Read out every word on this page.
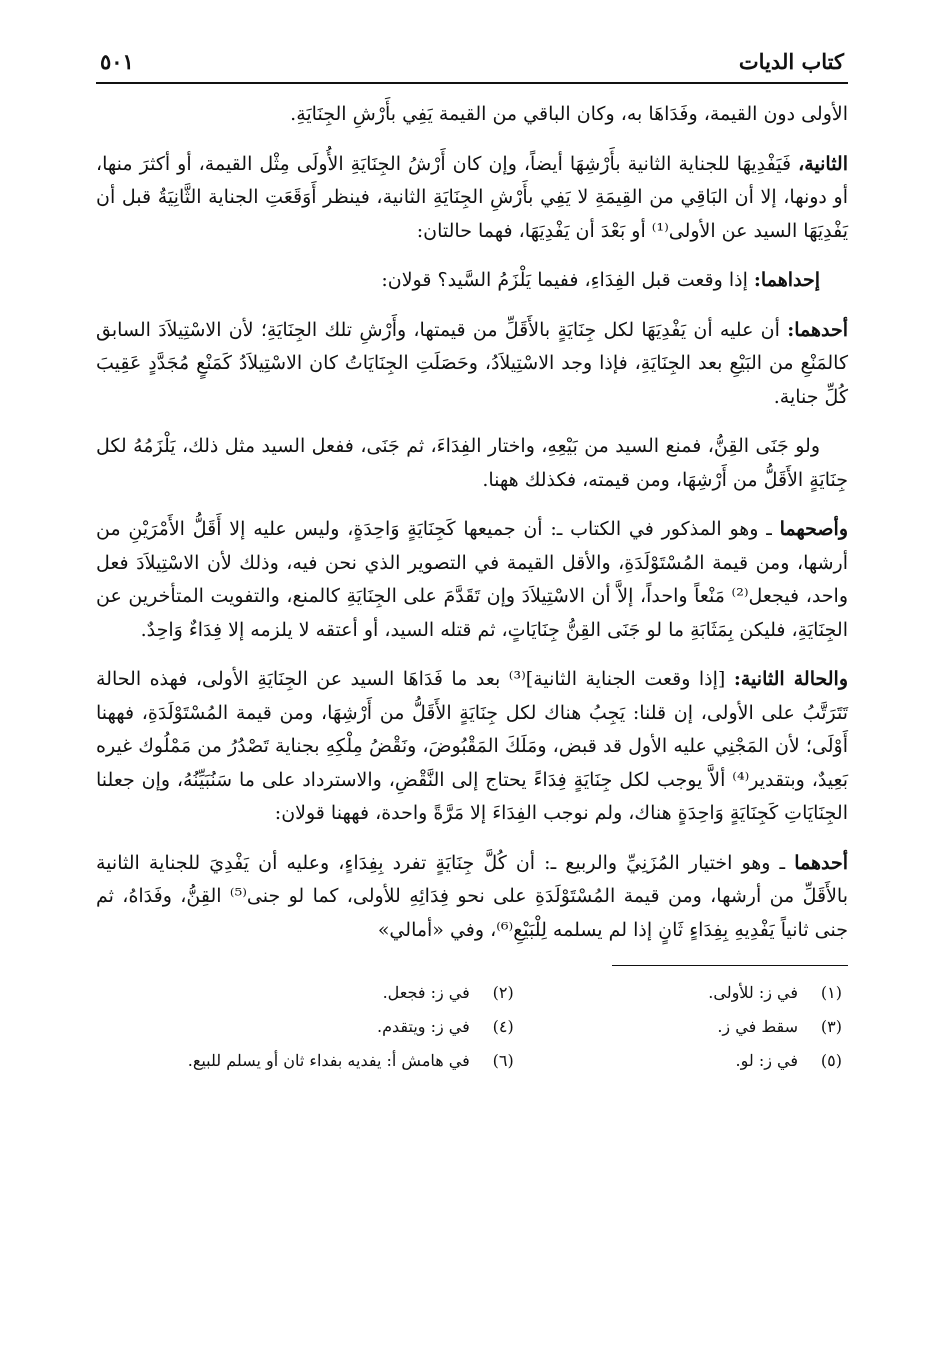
كتاب الديات
٥٠١

الأولى دون القيمة، وفَدَاهَا به، وكان الباقي من القيمة يَفِي بأَرْشِ الجِنَايَةِ.

الثانية، فَيَفْدِيهَا للجناية الثانية بأَرْشِهَا أيضاً، وإن كان أَرْشُ الجِنَايَةِ الأُولَى مِثْل القيمة، أو أكثرَ منها، أو دونها، إلا أن البَاقِي من القِيمَةِ لا يَفِي بأَرْشِ الجِنَايَةِ الثانية، فينظر أَوَقَعَتِ الجناية الثَّانِيَةُ قبل أن يَفْدِيَهَا السيد عن الأولى⁽¹⁾ أو بَعْدَ أن يَفْدِيَهَا، فهما حالتان:

إحداهما: إذا وقعت قبل الفِدَاءِ، ففيما يَلْزَمُ السَّيد؟ قولان:

أحدهما: أن عليه أن يَفْدِيَهَا لكل جِنَايَةٍ بالأَقَلِّ من قيمتها، وأَرْشِ تلك الجِنَايَةِ؛ لأن الاسْتِيلاَدَ السابق كالمَنْعِ من البَيْعِ بعد الجِنَايَةِ، فإذا وجد الاسْتِيلاَدُ، وحَصَلَتِ الجِنَايَاتُ كان الاسْتِيلاَدُ كَمَنْعٍ مُجَدَّدٍ عَقِيبَ كُلِّ جناية.

ولو جَنَى القِنُّ، فمنع السيد من بَيْعِهِ، واختار الفِدَاءَ، ثم جَنَى، ففعل السيد مثل ذلك، يَلْزَمُهُ لكل جِنَايَةٍ الأَقَلُّ من أَرْشِهَا، ومن قيمته، فكذلك ههنا.

وأصحهما ـ وهو المذكور في الكتاب ـ: أن جميعها كَجِنَايَةٍ وَاحِدَةٍ، وليس عليه إلا أَقَلُّ الأَمْرَيْنِ من أرشها، ومن قيمة المُسْتَوْلَدَةِ، والأقل القيمة في التصوير الذي نحن فيه، وذلك لأن الاسْتِيلاَدَ فعل واحد، فيجعل⁽²⁾ مَنْعاً واحداً، إلاَّ أن الاسْتِيلاَدَ وإن تَقَدَّمَ على الجِنَايَةِ كالمنع، والتفويت المتأخرين عن الجِنَايَةِ، فليكن بِمَثَابَةِ ما لو جَنَى القِنُّ جِنَايَاتٍ، ثم قتله السيد، أو أعتقه لا يلزمه إلا فِدَاءٌ وَاحِدٌ.

والحالة الثانية: [إذا وقعت الجناية الثانية]⁽³⁾ بعد ما فَدَاهَا السيد عن الجِنَايَةِ الأولى، فهذه الحالة تَتَرَتَّبُ على الأولى، إن قلنا: يَجِبُ هناك لكل جِنَايَةٍ الأَقَلُّ من أَرْشِهَا، ومن قيمة المُسْتَوْلَدَةِ، فههنا أَوْلَى؛ لأن المَجْنِي عليه الأول قد قبض، ومَلَكَ المَقْبُوضَ، ونَقْضُ مِلْكِهِ بجناية تَصْدُرُ من مَمْلُوك غيره بَعِيدٌ، وبتقدير⁽⁴⁾ ألاَّ يوجب لكل جِنَايَةٍ فِدَاءً يحتاج إلى النَّقْضِ، والاسترداد على ما سَنُبَيِّنُهُ، وإن جعلنا الجِنَايَاتِ كَجِنَايَةٍ وَاحِدَةٍ هناك، ولم نوجب الفِدَاءَ إلا مَرَّةً واحدة، فههنا قولان:

أحدهما ـ وهو اختيار المُزَنِيِّ والربيع ـ: أن كُلَّ جِنَايَةٍ تفرد بِفِدَاءٍ، وعليه أن يَفْدِيَ للجناية الثانية بالأَقَلِّ من أرشها، ومن قيمة المُسْتَوْلَدَةِ على نحو فِدَائِهِ للأولى، كما لو جنى⁽⁵⁾ القِنُّ، وفَدَاهُ، ثم جنى ثانياً يَفْدِيهِ بِفِدَاءٍ ثَانٍ إذا لم يسلمه لِلْبَيْعِ⁽⁶⁾، وفي «أمالي»

(١)في ز: للأولى.
(٢)في ز: فجعل.
(٣)سقط في ز.
(٤)في ز: ويتقدم.
(٥)في ز: لو.
(٦)في هامش أ: يفديه بفداء ثان أو يسلم للبيع.
